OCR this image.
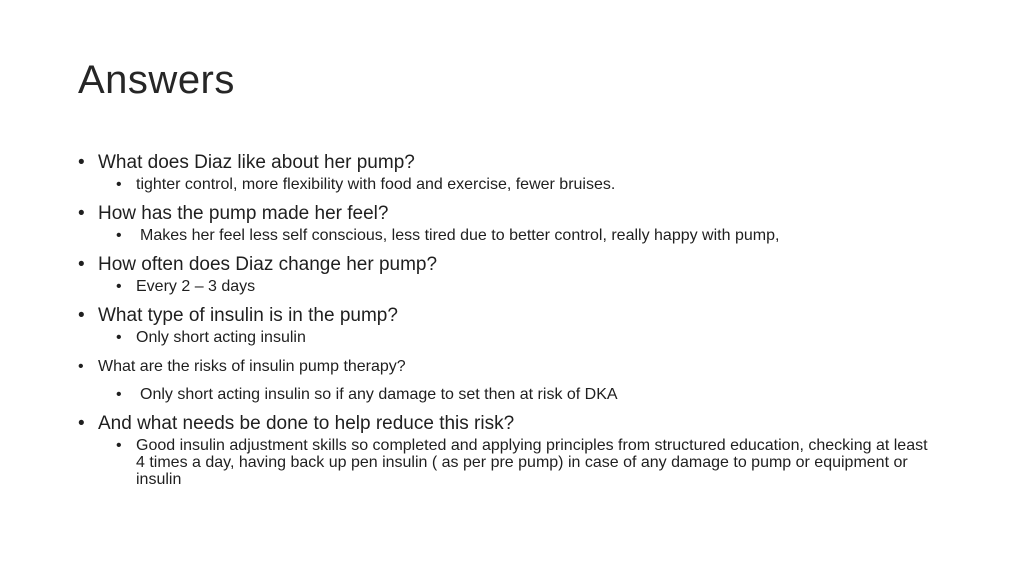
Answers
• What does Diaz like about her pump?
• tighter control, more flexibility with food and exercise, fewer bruises.
• How has the pump made her feel?
• Makes her feel less self conscious, less tired due to better control, really happy with pump,
• How often does Diaz change her pump?
• Every 2 – 3 days
• What type of insulin is in the pump?
• Only short acting insulin
• What are the risks of insulin pump therapy?
• Only short acting insulin so if any damage to set then at risk of DKA
• And what needs be done to help reduce this risk?
• Good insulin adjustment skills so completed and applying principles from structured education, checking at least 4 times a day, having back up pen insulin ( as per pre pump) in case of any damage to pump or equipment or insulin
